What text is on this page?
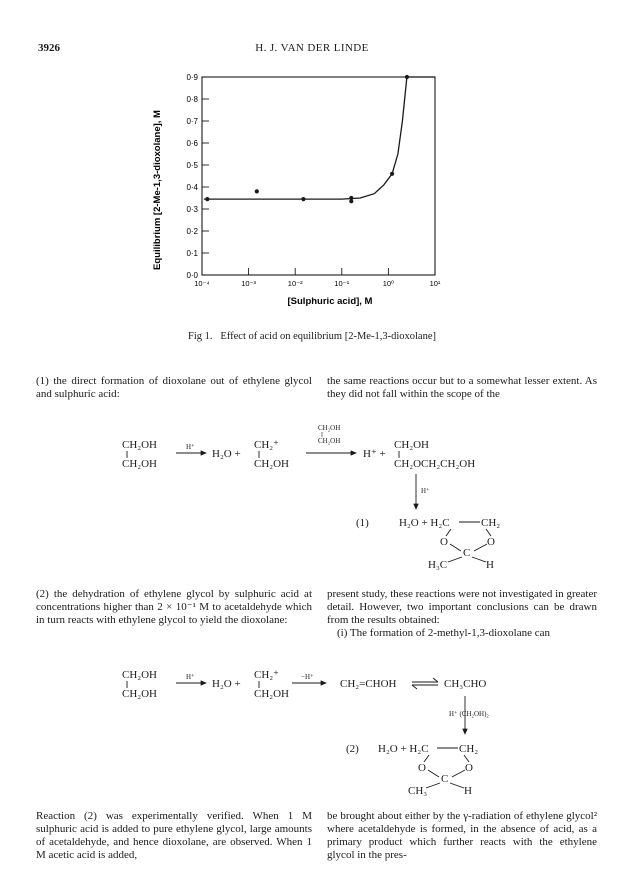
3926	H. J. VAN DER LINDE
0·0
0·1
0·2
0·3
0·4
0·5
0·6
0·7
0·8
0·9
10⁻⁴	10⁻³	10⁻²	10⁻¹	10⁰	10¹
Equilibrium [2-Me-1,3-dioxolane], M
[Sulphuric acid], M
Fig 1. Effect of acid on equilibrium [2-Me-1,3-dioxolane]

(1) the direct formation of dioxolane out of ethylene glycol and sulphuric acid:

the same reactions occur but to a somewhat lesser extent. As they did not fall within the scope of the

(2) the dehydration of ethylene glycol by sulphuric acid at concentrations higher than 2 × 10⁻¹ M to acetaldehyde which in turn reacts with ethylene glycol to yield the dioxolane:

present study, these reactions were not investigated in greater detail. However, two important conclusions can be drawn from the results obtained:

(i) The formation of 2-methyl-1,3-dioxolane can

Reaction (2) was experimentally verified. When 1 M sulphuric acid is added to pure ethylene glycol, large amounts of acetaldehyde, and hence dioxolane, are observed. When 1 M acetic acid is added,

be brought about either by the γ-radiation of ethylene glycol² where acetaldehyde is formed, in the absence of acid, as a primary product which further reacts with the ethylene glycol in the pres-

CH₂OH
CH₂OH
H⁺
H₂O +
CH₂⁺
CH₂OH
CH₂OH
CH₂OH
H⁺ +
CH₂OH
CH₂OCH₂CH₂OH
H⁺
(1)	H₂O + H₂C	CH₂
O	O
C
H₃C	H
CH₂OH
CH₂OH
H⁺
H₂O +
CH₂⁺
CH₂OH
−H⁺
CH₂=CHOH	CH₃CHO
H⁺ (CH₂OH)₂
(2) H₂O + H₂C	CH₂
O	O
C
CH₃	H
